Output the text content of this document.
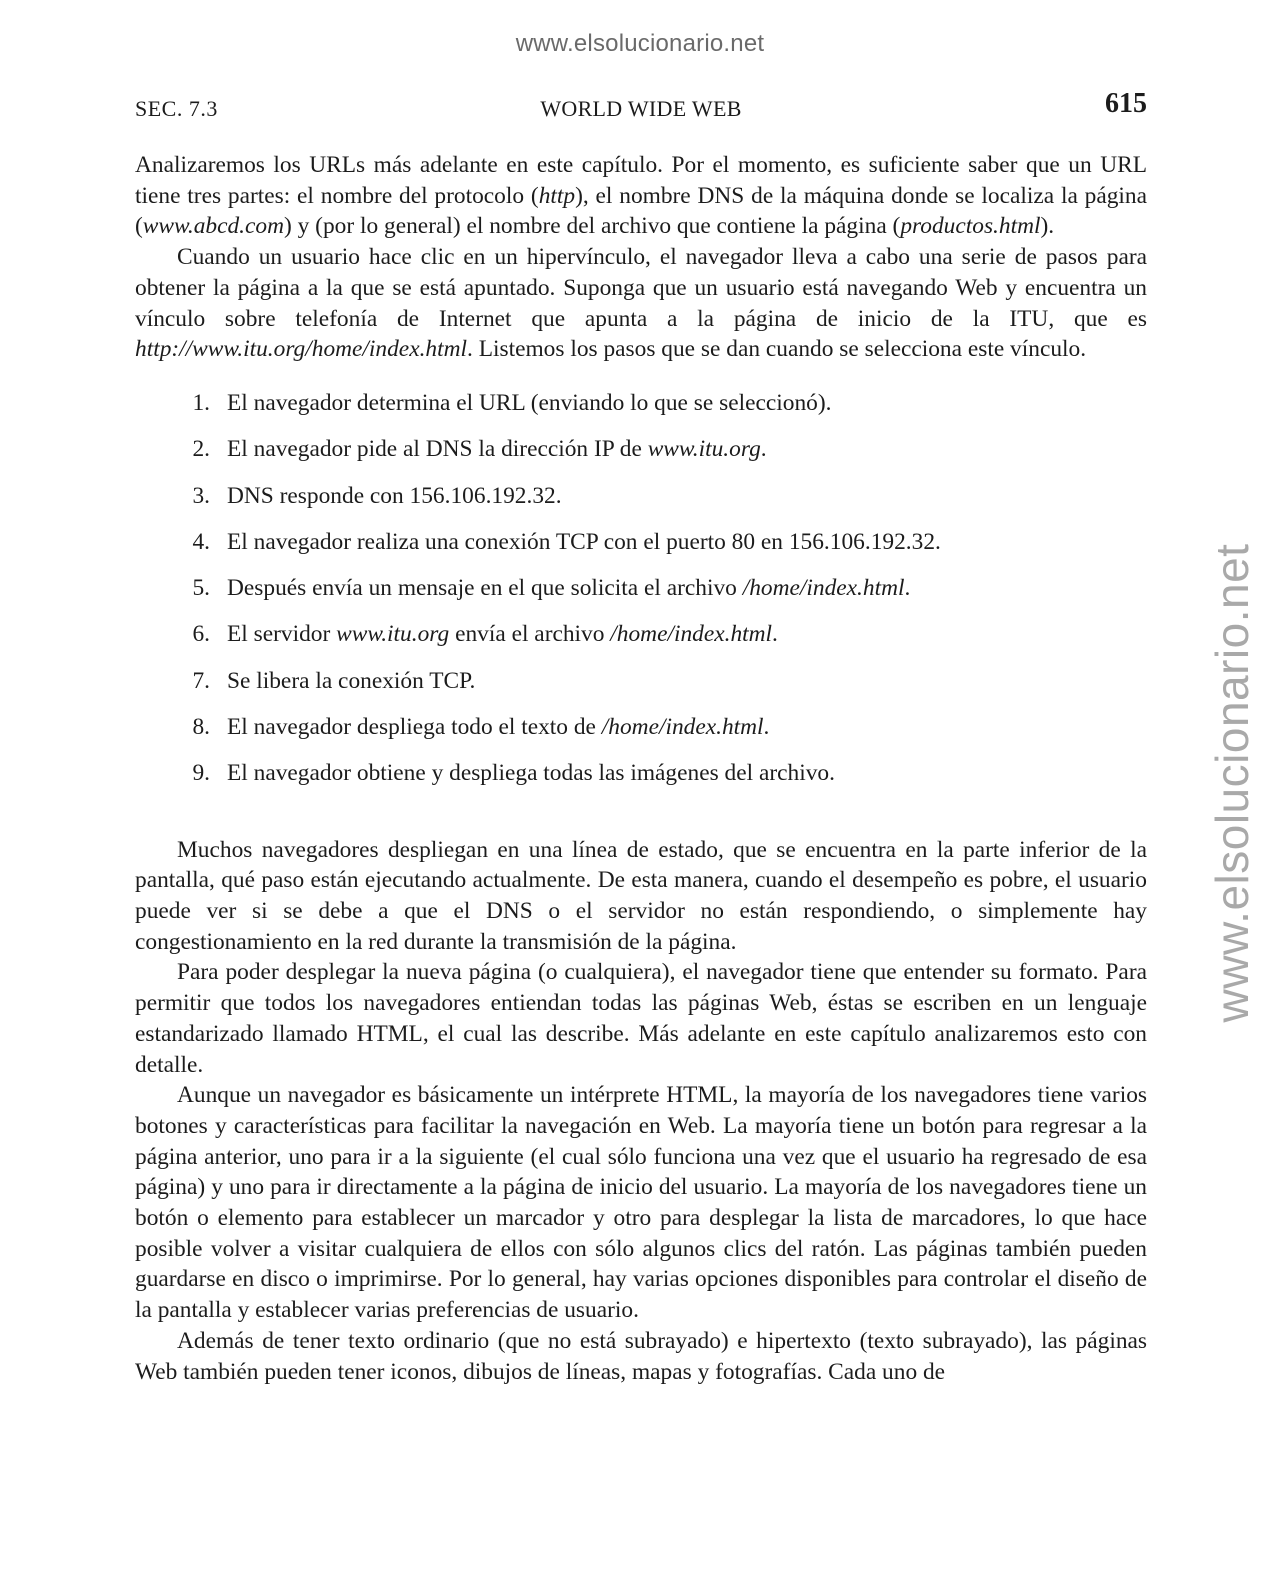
www.elsolucionario.net
www.elsolucionario.net
SEC. 7.3	WORLD WIDE WEB	615

Analizaremos los URLs más adelante en este capítulo. Por el momento, es suficiente saber que un URL tiene tres partes: el nombre del protocolo (http), el nombre DNS de la máquina donde se localiza la página (www.abcd.com) y (por lo general) el nombre del archivo que contiene la página (productos.html).

Cuando un usuario hace clic en un hipervínculo, el navegador lleva a cabo una serie de pasos para obtener la página a la que se está apuntado. Suponga que un usuario está navegando Web y encuentra un vínculo sobre telefonía de Internet que apunta a la página de inicio de la ITU, que es http://www.itu.org/home/index.html. Listemos los pasos que se dan cuando se selecciona este vínculo.

1. El navegador determina el URL (enviando lo que se seleccionó).
2. El navegador pide al DNS la dirección IP de www.itu.org.
3. DNS responde con 156.106.192.32.
4. El navegador realiza una conexión TCP con el puerto 80 en 156.106.192.32.
5. Después envía un mensaje en el que solicita el archivo /home/index.html.
6. El servidor www.itu.org envía el archivo /home/index.html.
7. Se libera la conexión TCP.
8. El navegador despliega todo el texto de /home/index.html.
9. El navegador obtiene y despliega todas las imágenes del archivo.

Muchos navegadores despliegan en una línea de estado, que se encuentra en la parte inferior de la pantalla, qué paso están ejecutando actualmente. De esta manera, cuando el desempeño es pobre, el usuario puede ver si se debe a que el DNS o el servidor no están respondiendo, o simplemente hay congestionamiento en la red durante la transmisión de la página.

Para poder desplegar la nueva página (o cualquiera), el navegador tiene que entender su formato. Para permitir que todos los navegadores entiendan todas las páginas Web, éstas se escriben en un lenguaje estandarizado llamado HTML, el cual las describe. Más adelante en este capítulo analizaremos esto con detalle.

Aunque un navegador es básicamente un intérprete HTML, la mayoría de los navegadores tiene varios botones y características para facilitar la navegación en Web. La mayoría tiene un botón para regresar a la página anterior, uno para ir a la siguiente (el cual sólo funciona una vez que el usuario ha regresado de esa página) y uno para ir directamente a la página de inicio del usuario. La mayoría de los navegadores tiene un botón o elemento para establecer un marcador y otro para desplegar la lista de marcadores, lo que hace posible volver a visitar cualquiera de ellos con sólo algunos clics del ratón. Las páginas también pueden guardarse en disco o imprimirse. Por lo general, hay varias opciones disponibles para controlar el diseño de la pantalla y establecer varias preferencias de usuario.

Además de tener texto ordinario (que no está subrayado) e hipertexto (texto subrayado), las páginas Web también pueden tener iconos, dibujos de líneas, mapas y fotografías. Cada uno de
